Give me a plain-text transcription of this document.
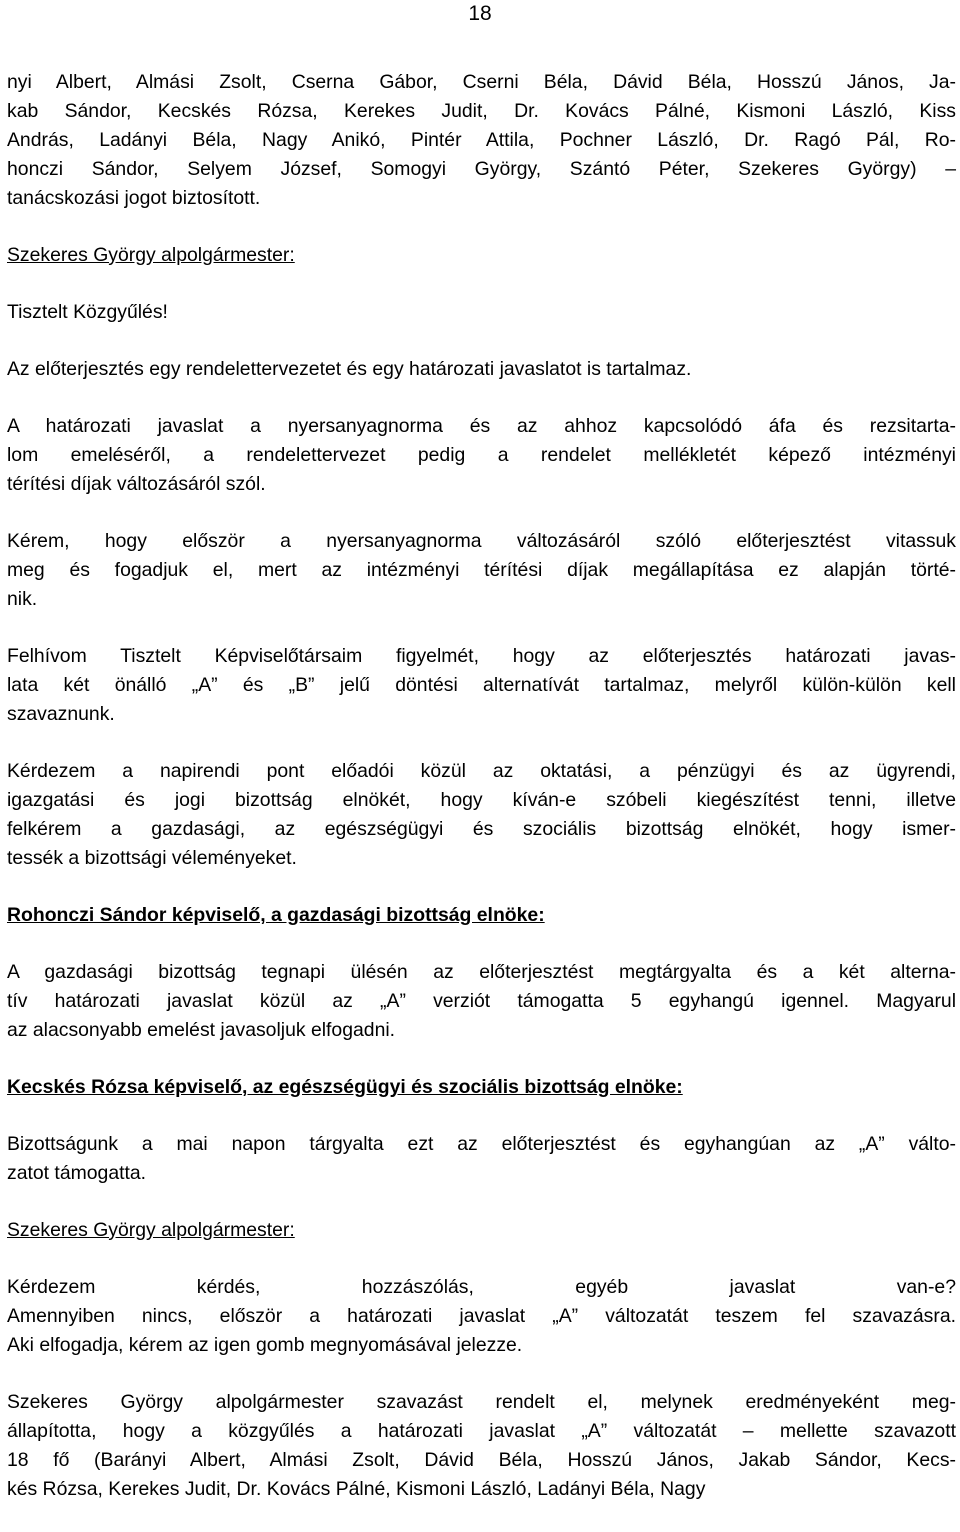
18

nyi Albert, Almási Zsolt, Cserna Gábor, Cserni Béla, Dávid Béla, Hosszú János, Ja-
kab Sándor, Kecskés Rózsa, Kerekes Judit, Dr. Kovács Pálné, Kismoni László, Kiss
András, Ladányi Béla, Nagy Anikó, Pintér Attila, Pochner László, Dr. Ragó Pál, Ro-
honczi Sándor, Selyem József, Somogyi György, Szántó Péter, Szekeres György) –
tanácskozási jogot biztosított.

Szekeres György alpolgármester:

Tisztelt Közgyűlés!

Az előterjesztés egy rendelettervezetet és egy határozati javaslatot is tartalmaz.

A határozati javaslat a nyersanyagnorma és az ahhoz kapcsolódó áfa és rezsitarta-
lom emeléséről, a rendelettervezet pedig a rendelet mellékletét képező intézményi
térítési díjak változásáról szól.

Kérem, hogy először a nyersanyagnorma változásáról szóló előterjesztést vitassuk
meg és fogadjuk el, mert az intézményi térítési díjak megállapítása ez alapján törté-
nik.

Felhívom Tisztelt Képviselőtársaim figyelmét, hogy az előterjesztés határozati javas-
lata két önálló „A” és „B” jelű döntési alternatívát tartalmaz, melyről külön-külön kell
szavaznunk.

Kérdezem a napirendi pont előadói közül az oktatási, a pénzügyi és az ügyrendi,
igazgatási és jogi bizottság elnökét, hogy kíván-e szóbeli kiegészítést tenni, illetve
felkérem a gazdasági, az egészségügyi és szociális bizottság elnökét, hogy ismer-
tessék a bizottsági véleményeket.

Rohonczi Sándor képviselő, a gazdasági bizottság elnöke:

A gazdasági bizottság tegnapi ülésén az előterjesztést megtárgyalta és a két alterna-
tív határozati javaslat közül az „A” verziót támogatta 5 egyhangú igennel. Magyarul
az alacsonyabb emelést javasoljuk elfogadni.

Kecskés Rózsa képviselő, az egészségügyi és szociális bizottság elnöke:

Bizottságunk a mai napon tárgyalta ezt az előterjesztést és egyhangúan az „A” válto-
zatot támogatta.

Szekeres György alpolgármester:

Kérdezem kérdés, hozzászólás, egyéb javaslat van-e?
Amennyiben nincs, először a határozati javaslat „A” változatát teszem fel szavazásra.
Aki elfogadja, kérem az igen gomb megnyomásával jelezze.

Szekeres György alpolgármester szavazást rendelt el, melynek eredményeként meg-
állapította, hogy a közgyűlés a határozati javaslat „A” változatát – mellette szavazott
18 fő (Barányi Albert, Almási Zsolt, Dávid Béla, Hosszú János, Jakab Sándor, Kecs-
kés Rózsa, Kerekes Judit, Dr. Kovács Pálné, Kismoni László, Ladányi Béla, Nagy
